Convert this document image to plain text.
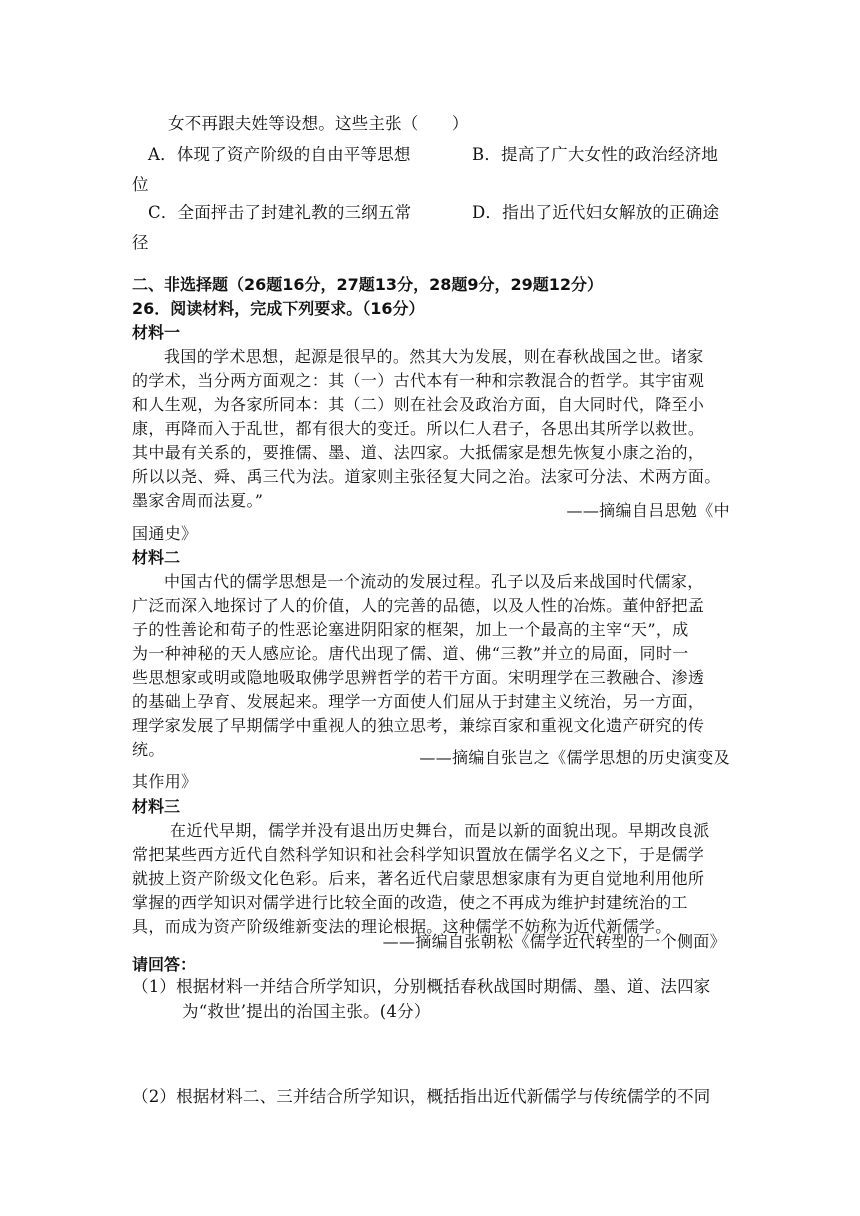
女不再跟夫姓等设想。这些主张（　　）

A．体现了资产阶级的自由平等思想	B．提高了广大女性的政治经济地

位

C．全面抨击了封建礼教的三纲五常	D．指出了近代妇女解放的正确途

径

二、非选择题（26题16分，27题13分，28题9分，29题12分）

26．阅读材料，完成下列要求。（16分）

材料一

我国的学术思想，起源是很早的。然其大为发展，则在春秋战国之世。诸家

的学术，当分两方面观之：其（一）古代本有一种和宗教混合的哲学。其宇宙观

和人生观，为各家所同本：其（二）则在社会及政治方面，自大同时代，降至小

康，再降而入于乱世，都有很大的变迁。所以仁人君子，各思出其所学以救世。

其中最有关系的，要推儒、墨、道、法四家。大抵儒家是想先恢复小康之治的，

所以以尧、舜、禹三代为法。道家则主张径复大同之治。法家可分法、术两方面。

墨家舍周而法夏。”

——摘编自吕思勉《中

国通史》

材料二

中国古代的儒学思想是一个流动的发展过程。孔子以及后来战国时代儒家，

广泛而深入地探讨了人的价值，人的完善的品德，以及人性的冶炼。董仲舒把孟

子的性善论和荀子的性恶论塞进阴阳家的框架，加上一个最高的主宰“天”，成

为一种神秘的天人感应论。唐代出现了儒、道、佛“三教”并立的局面，同时一

些思想家或明或隐地吸取佛学思辨哲学的若干方面。宋明理学在三教融合、渗透

的基础上孕育、发展起来。理学一方面使人们屈从于封建主义统治，另一方面，

理学家发展了早期儒学中重视人的独立思考，兼综百家和重视文化遗产研究的传

统。	——摘编自张岂之《儒学思想的历史演变及

其作用》

材料三

在近代早期，儒学并没有退出历史舞台，而是以新的面貌出现。早期改良派

常把某些西方近代自然科学知识和社会科学知识置放在儒学名义之下，于是儒学

就披上资产阶级文化色彩。后来，著名近代启蒙思想家康有为更自觉地利用他所

掌握的西学知识对儒学进行比较全面的改造，使之不再成为维护封建统治的工

具，而成为资产阶级维新变法的理论根据。这种儒学不妨称为近代新儒学。

——摘编自张朝松《儒学近代转型的一个侧面》

请回答：

（1）根据材料一并结合所学知识，分别概括春秋战国时期儒、墨、道、法四家

为“救世’提出的治国主张。(4分）

（2）根据材料二、三并结合所学知识，概括指出近代新儒学与传统儒学的不同
